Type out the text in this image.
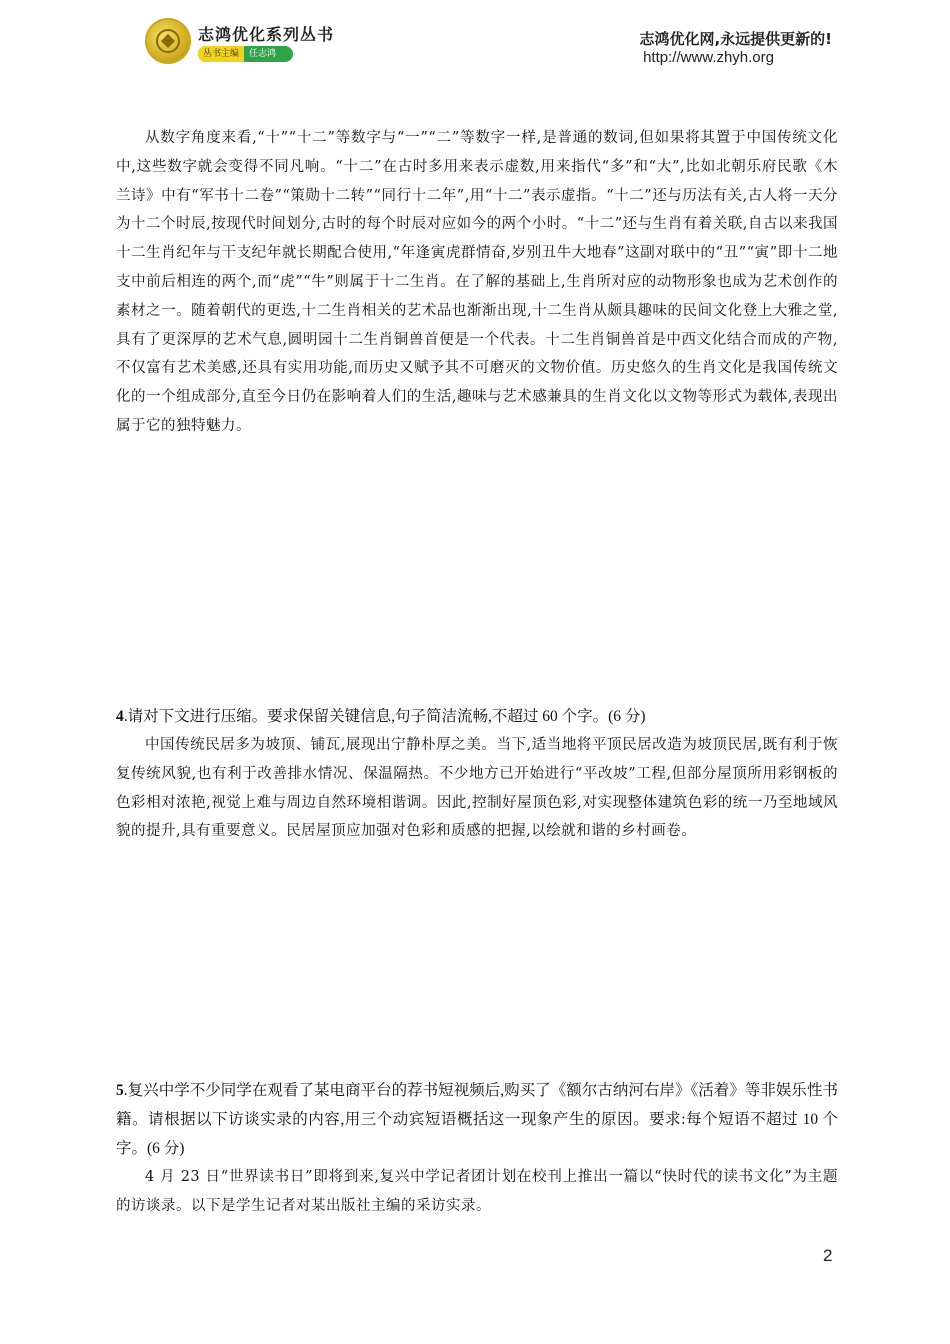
志鸿优化系列丛书
丛书主编 任志鸿
志鸿优化网,永远提供更新的!
http://www.zhyh.org

从数字角度来看,“十”“十二”等数字与“一”“二”等数字一样,是普通的数词,但如果将其置于中国传统文化中,这些数字就会变得不同凡响。“十二”在古时多用来表示虚数,用来指代“多”和“大”,比如北朝乐府民歌《木兰诗》中有“军书十二卷”“策勋十二转”“同行十二年”,用“十二”表示虚指。“十二”还与历法有关,古人将一天分为十二个时辰,按现代时间划分,古时的每个时辰对应如今的两个小时。“十二”还与生肖有着关联,自古以来我国十二生肖纪年与干支纪年就长期配合使用,“年逢寅虎群情奋,岁别丑牛大地春”这副对联中的“丑”“寅”即十二地支中前后相连的两个,而“虎”“牛”则属于十二生肖。在了解的基础上,生肖所对应的动物形象也成为艺术创作的素材之一。随着朝代的更迭,十二生肖相关的艺术品也渐渐出现,十二生肖从颇具趣味的民间文化登上大雅之堂,具有了更深厚的艺术气息,圆明园十二生肖铜兽首便是一个代表。十二生肖铜兽首是中西文化结合而成的产物,不仅富有艺术美感,还具有实用功能,而历史又赋予其不可磨灭的文物价值。历史悠久的生肖文化是我国传统文化的一个组成部分,直至今日仍在影响着人们的生活,趣味与艺术感兼具的生肖文化以文物等形式为载体,表现出属于它的独特魅力。

4.请对下文进行压缩。要求保留关键信息,句子简洁流畅,不超过 60 个字。(6 分)

中国传统民居多为坡顶、铺瓦,展现出宁静朴厚之美。当下,适当地将平顶民居改造为坡顶民居,既有利于恢复传统风貌,也有利于改善排水情况、保温隔热。不少地方已开始进行“平改坡”工程,但部分屋顶所用彩钢板的色彩相对浓艳,视觉上难与周边自然环境相谐调。因此,控制好屋顶色彩,对实现整体建筑色彩的统一乃至地域风貌的提升,具有重要意义。民居屋顶应加强对色彩和质感的把握,以绘就和谐的乡村画卷。

5.复兴中学不少同学在观看了某电商平台的荐书短视频后,购买了《额尔古纳河右岸》《活着》等非娱乐性书籍。请根据以下访谈实录的内容,用三个动宾短语概括这一现象产生的原因。要求:每个短语不超过 10 个字。(6 分)

4 月 23 日“世界读书日”即将到来,复兴中学记者团计划在校刊上推出一篇以“快时代的读书文化”为主题的访谈录。以下是学生记者对某出版社主编的采访实录。

2
